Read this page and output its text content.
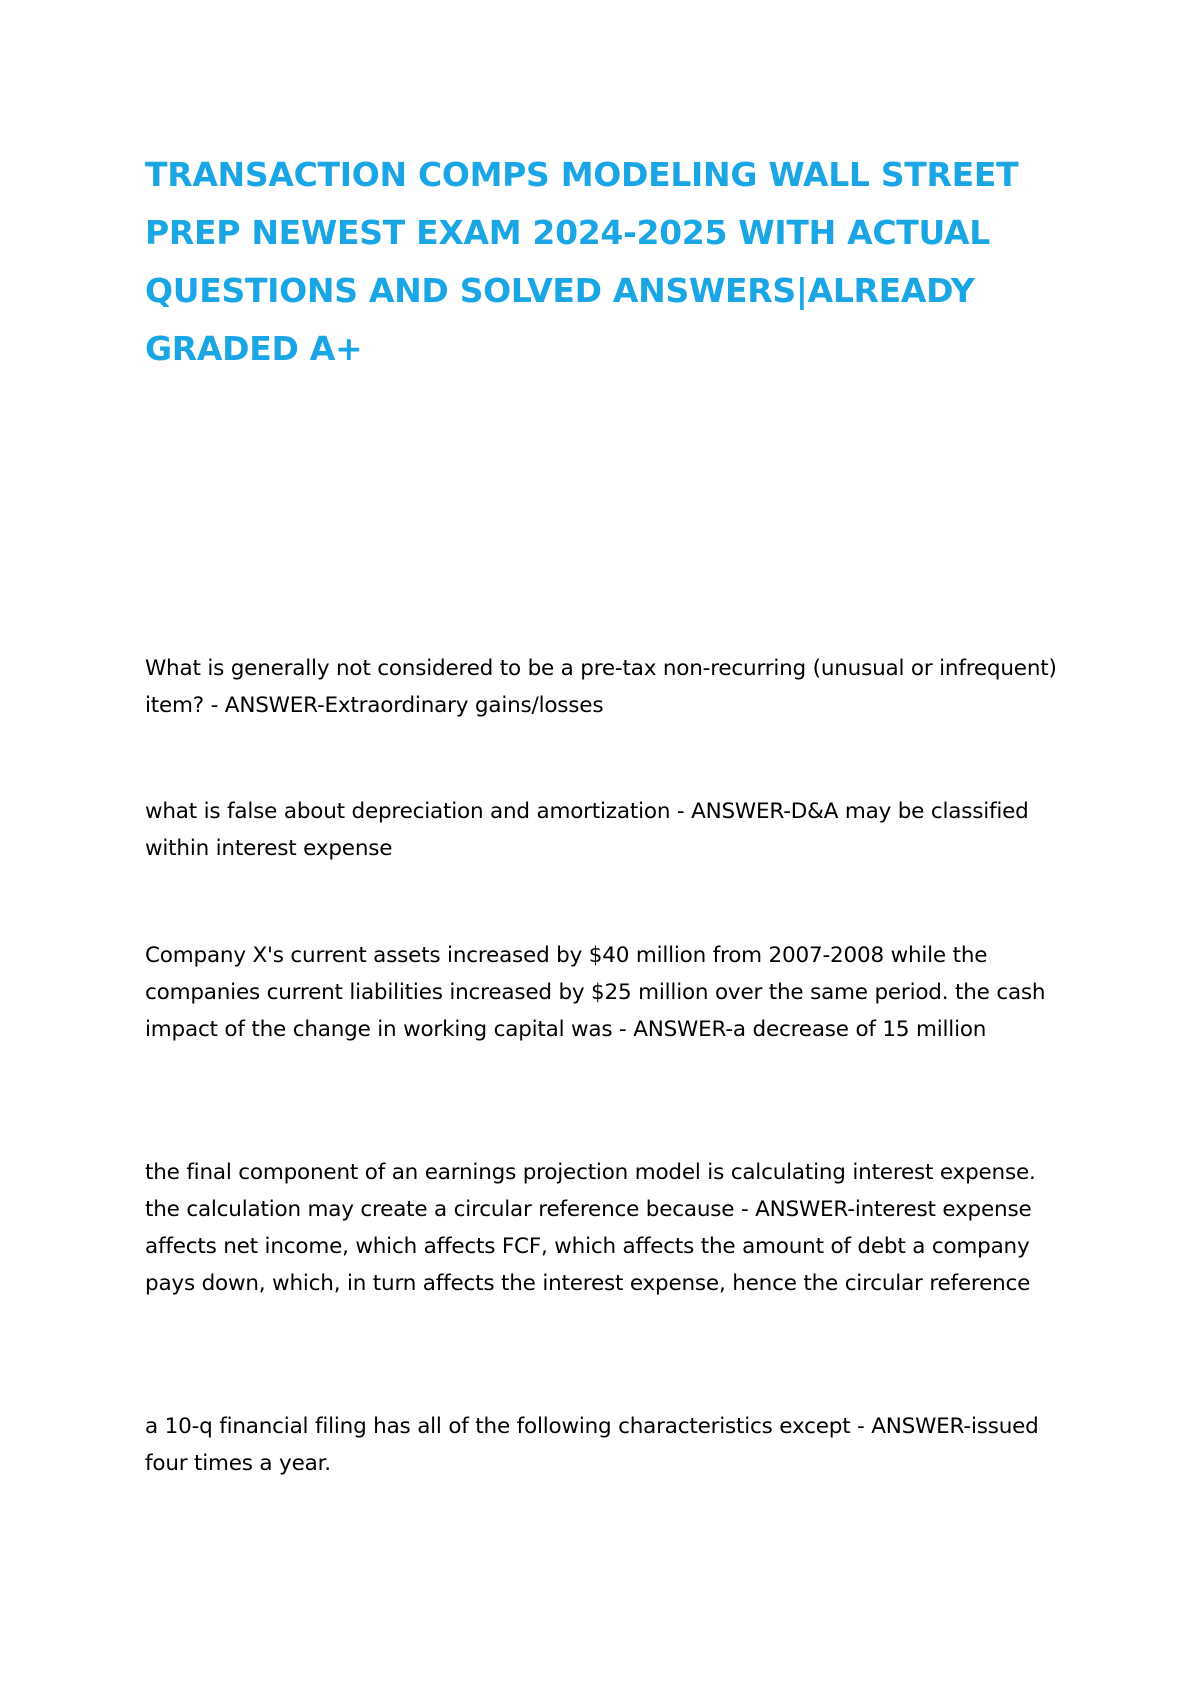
TRANSACTION COMPS MODELING WALL STREET PREP NEWEST EXAM 2024-2025 WITH ACTUAL QUESTIONS AND SOLVED ANSWERS|ALREADY GRADED A+

What is generally not considered to be a pre-tax non-recurring (unusual or infrequent) item? - ANSWER-Extraordinary gains/losses

what is false about depreciation and amortization - ANSWER-D&A may be classified within interest expense

Company X's current assets increased by $40 million from 2007-2008 while the companies current liabilities increased by $25 million over the same period. the cash impact of the change in working capital was - ANSWER-a decrease of 15 million

the final component of an earnings projection model is calculating interest expense. the calculation may create a circular reference because - ANSWER-interest expense affects net income, which affects FCF, which affects the amount of debt a company pays down, which, in turn affects the interest expense, hence the circular reference

a 10-q financial filing has all of the following characteristics except - ANSWER-issued four times a year.
